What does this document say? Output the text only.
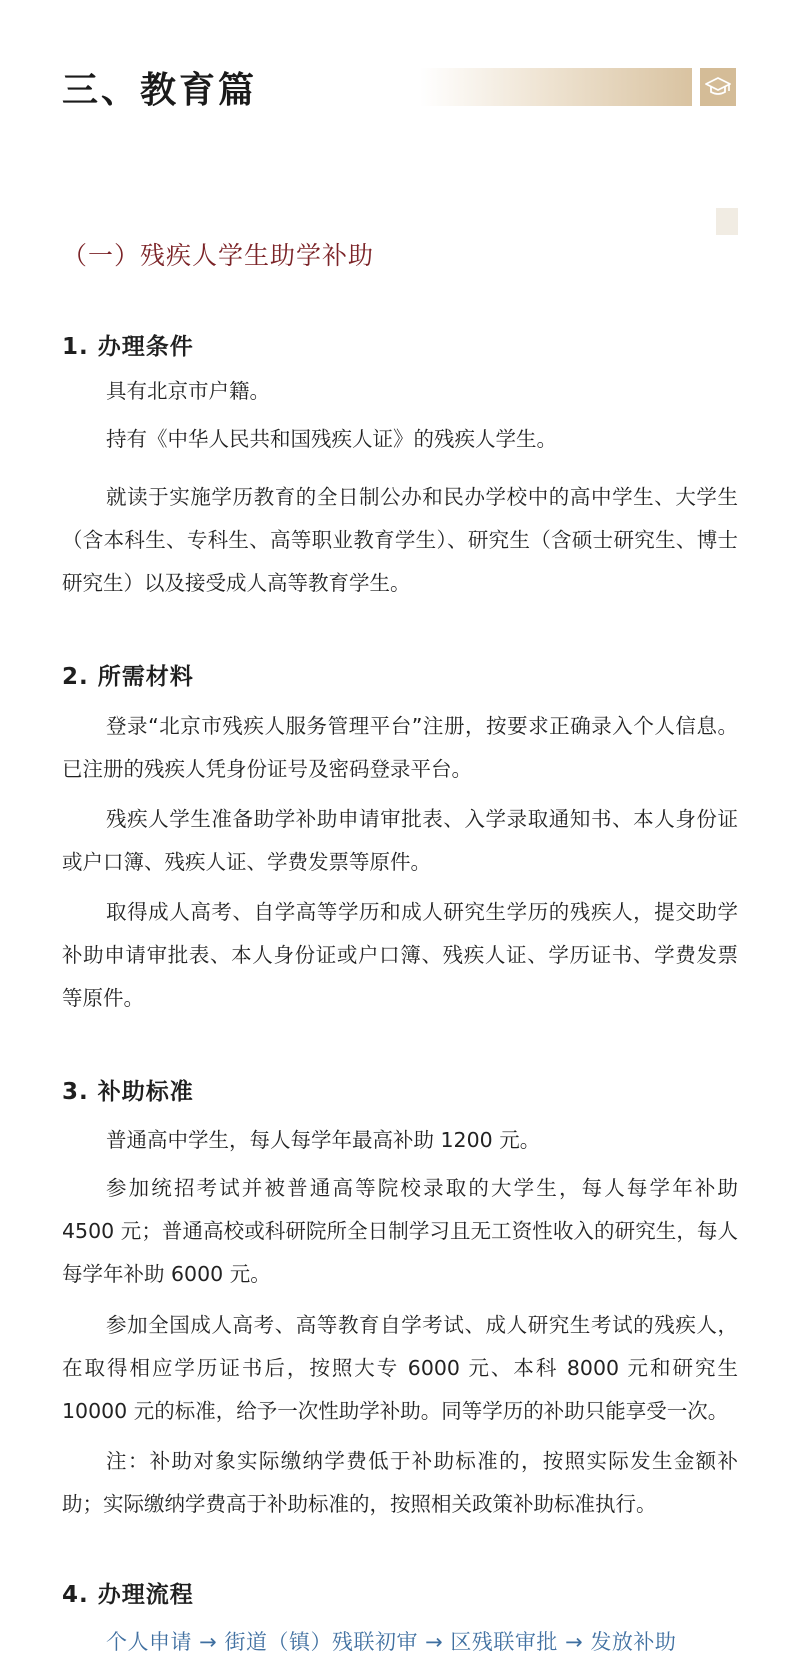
三、教育篇
（一）残疾人学生助学补助
1. 办理条件
具有北京市户籍。
持有《中华人民共和国残疾人证》的残疾人学生。
就读于实施学历教育的全日制公办和民办学校中的高中学生、大学生（含本科生、专科生、高等职业教育学生）、研究生（含硕士研究生、博士研究生）以及接受成人高等教育学生。
2. 所需材料
登录“北京市残疾人服务管理平台”注册，按要求正确录入个人信息。已注册的残疾人凭身份证号及密码登录平台。
残疾人学生准备助学补助申请审批表、入学录取通知书、本人身份证或户口簿、残疾人证、学费发票等原件。
取得成人高考、自学高等学历和成人研究生学历的残疾人，提交助学补助申请审批表、本人身份证或户口簿、残疾人证、学历证书、学费发票等原件。
3. 补助标准
普通高中学生，每人每学年最高补助 1200 元。
参加统招考试并被普通高等院校录取的大学生，每人每学年补助 4500 元；普通高校或科研院所全日制学习且无工资性收入的研究生，每人每学年补助 6000 元。
参加全国成人高考、高等教育自学考试、成人研究生考试的残疾人，在取得相应学历证书后，按照大专 6000 元、本科 8000 元和研究生 10000 元的标准，给予一次性助学补助。同等学历的补助只能享受一次。
注：补助对象实际缴纳学费低于补助标准的，按照实际发生金额补助；实际缴纳学费高于补助标准的，按照相关政策补助标准执行。
4. 办理流程
个人申请 → 街道（镇）残联初审 → 区残联审批 → 发放补助
